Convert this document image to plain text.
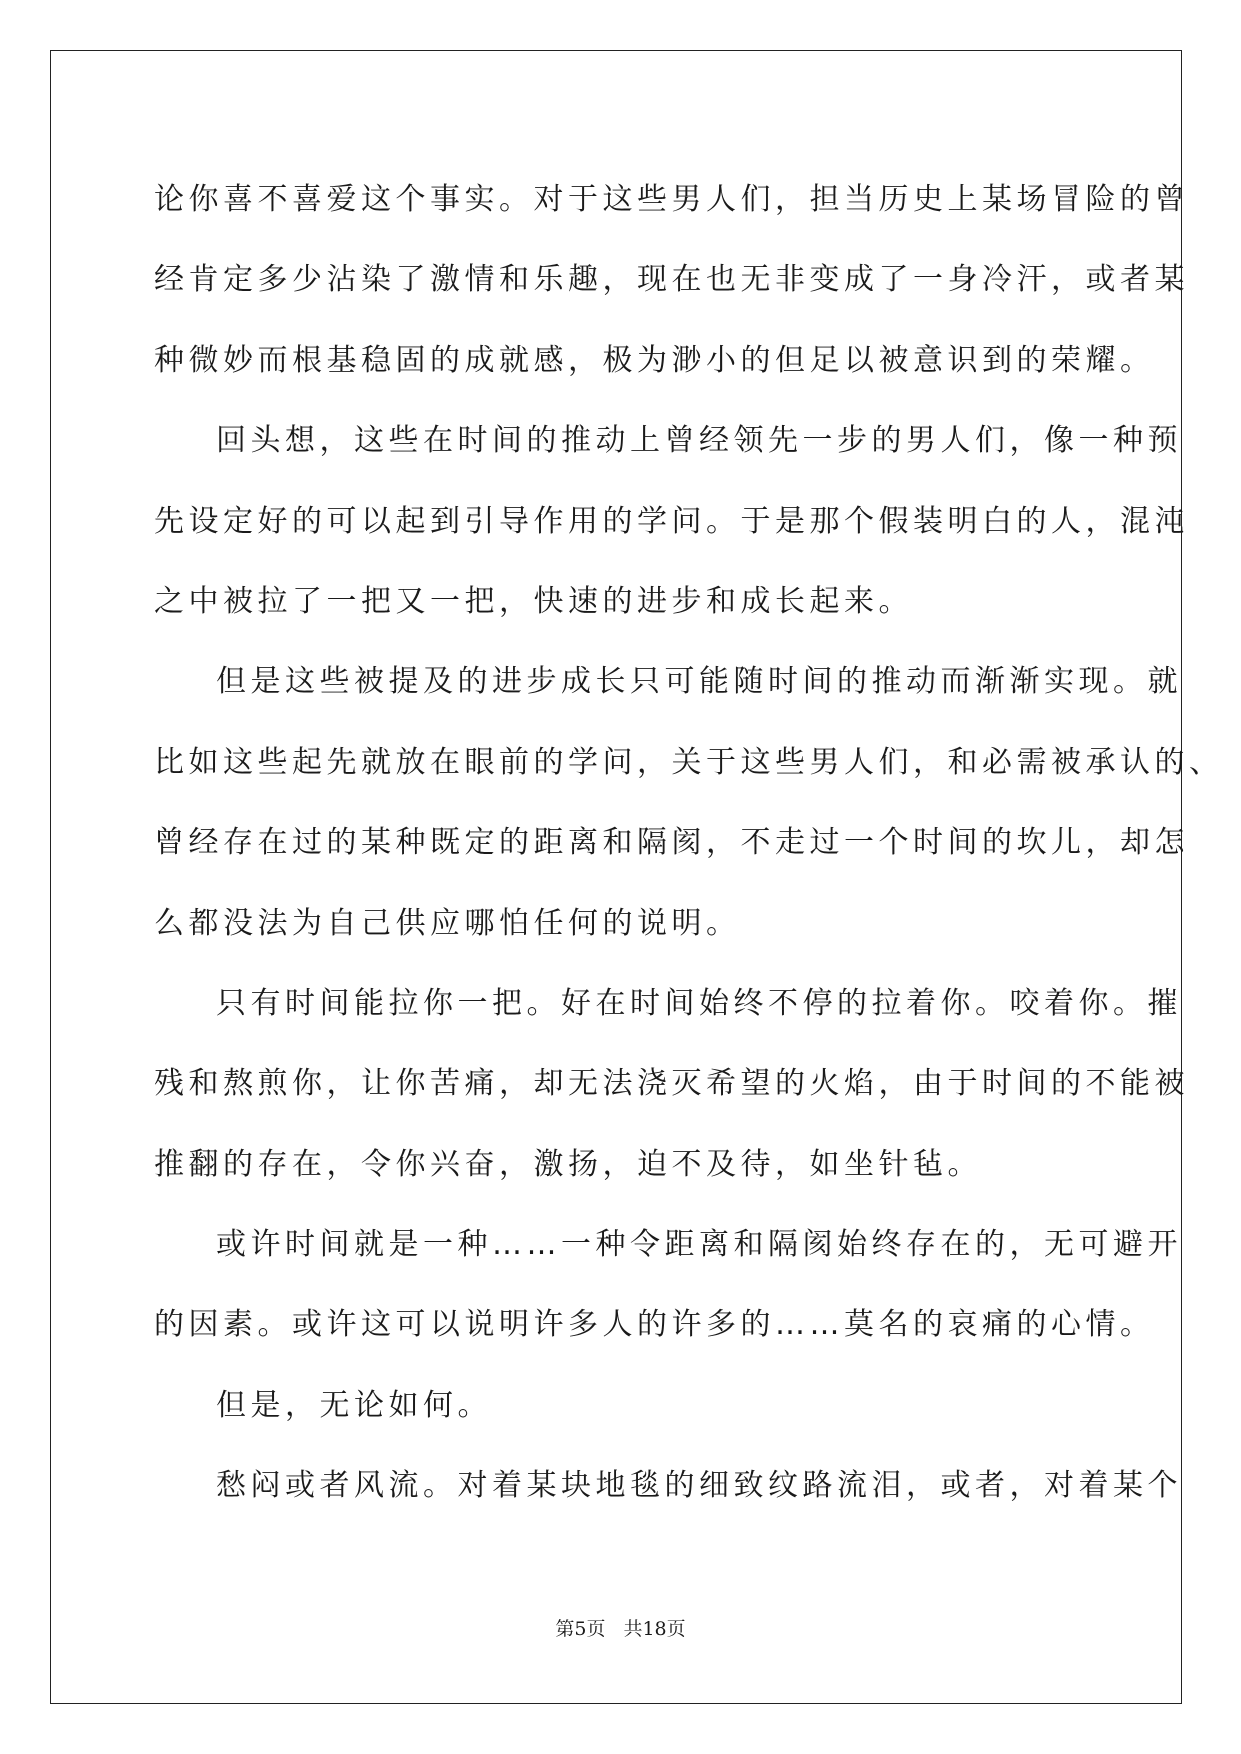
论你喜不喜爱这个事实。对于这些男人们，担当历史上某场冒险的曾
经肯定多少沾染了激情和乐趣，现在也无非变成了一身冷汗，或者某
种微妙而根基稳固的成就感，极为渺小的但足以被意识到的荣耀。

回头想，这些在时间的推动上曾经领先一步的男人们，像一种预
先设定好的可以起到引导作用的学问。于是那个假装明白的人，混沌
之中被拉了一把又一把，快速的进步和成长起来。

但是这些被提及的进步成长只可能随时间的推动而渐渐实现。就
比如这些起先就放在眼前的学问，关于这些男人们，和必需被承认的、
曾经存在过的某种既定的距离和隔阂，不走过一个时间的坎儿，却怎
么都没法为自己供应哪怕任何的说明。

只有时间能拉你一把。好在时间始终不停的拉着你。咬着你。摧
残和熬煎你，让你苦痛，却无法浇灭希望的火焰，由于时间的不能被
推翻的存在，令你兴奋，激扬，迫不及待，如坐针毡。

或许时间就是一种……一种令距离和隔阂始终存在的，无可避开
的因素。或许这可以说明许多人的许多的……莫名的哀痛的心情。

但是，无论如何。

愁闷或者风流。对着某块地毯的细致纹路流泪，或者，对着某个

第5页 共18页
